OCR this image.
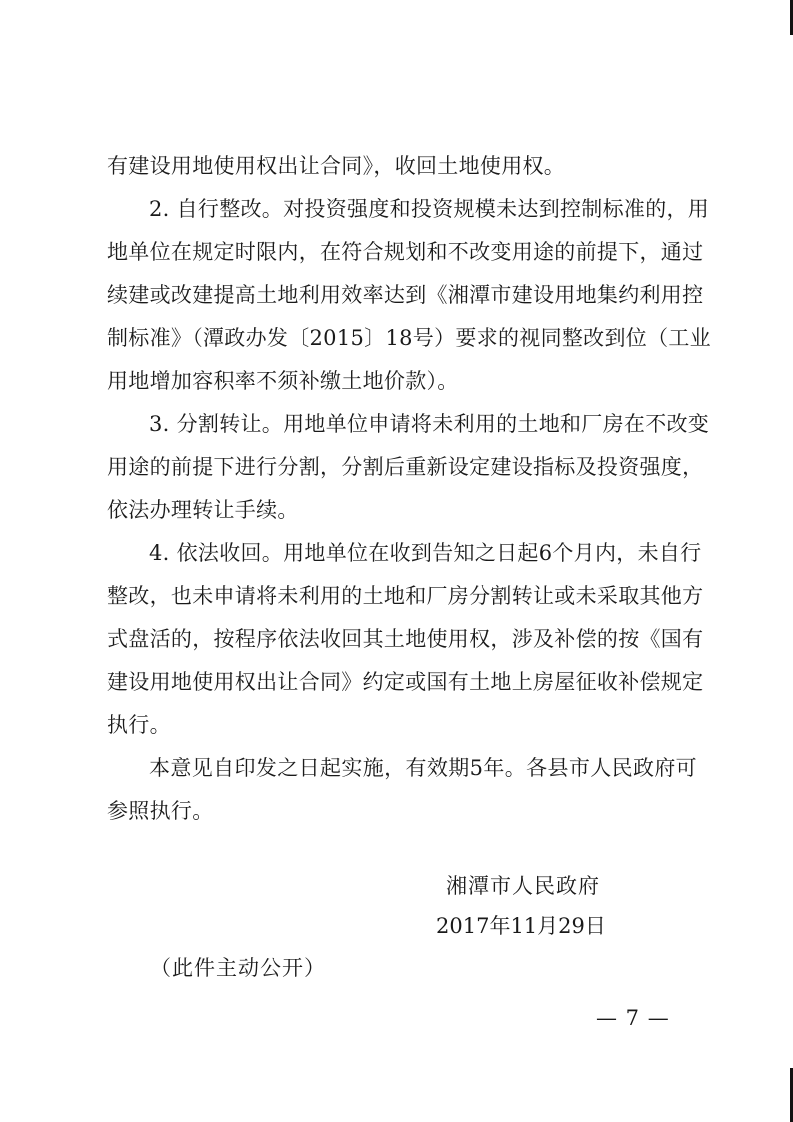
有建设用地使用权出让合同》，收回土地使用权。
2. 自行整改。对投资强度和投资规模未达到控制标准的，用
地单位在规定时限内，在符合规划和不改变用途的前提下，通过
续建或改建提高土地利用效率达到《湘潭市建设用地集约利用控
制标准》（潭政办发〔2015〕18号）要求的视同整改到位（工业
用地增加容积率不须补缴土地价款）。
3. 分割转让。用地单位申请将未利用的土地和厂房在不改变
用途的前提下进行分割，分割后重新设定建设指标及投资强度，
依法办理转让手续。
4. 依法收回。用地单位在收到告知之日起6个月内，未自行
整改，也未申请将未利用的土地和厂房分割转让或未采取其他方
式盘活的，按程序依法收回其土地使用权，涉及补偿的按《国有
建设用地使用权出让合同》约定或国有土地上房屋征收补偿规定
执行。
本意见自印发之日起实施，有效期5年。各县市人民政府可
参照执行。
湘潭市人民政府
2017年11月29日
（此件主动公开）
— 7 —
